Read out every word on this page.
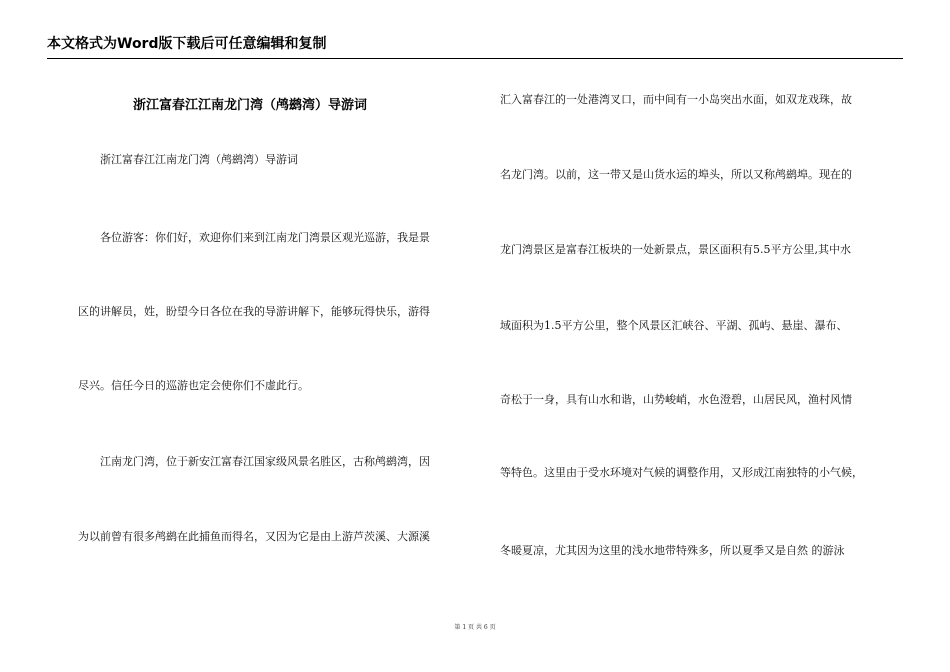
本文格式为Word版下载后可任意编辑和复制
浙江富春江江南龙门湾（鸬鹚湾）导游词
浙江富春江江南龙门湾（鸬鹚湾）导游词
各位游客：你们好，欢迎你们来到江南龙门湾景区观光巡游，我是景
区的讲解员，姓，盼望今日各位在我的导游讲解下，能够玩得快乐，游得
尽兴。信任今日的巡游也定会使你们不虚此行。
江南龙门湾，位于新安江富春江国家级风景名胜区，古称鸬鹚湾，因
为以前曾有很多鸬鹚在此捕鱼而得名，又因为它是由上游芦茨溪、大源溪
汇入富春江的一处港湾叉口，而中间有一小岛突出水面，如双龙戏珠，故
名龙门湾。以前，这一带又是山货水运的埠头，所以又称鸬鹚埠。现在的
龙门湾景区是富春江板块的一处新景点，景区面积有5.5平方公里,其中水
域面积为1.5平方公里，整个风景区汇峡谷、平湖、孤屿、悬崖、瀑布、
奇松于一身，具有山水和谐，山势峻峭，水色澄碧，山居民风，渔村风情
等特色。这里由于受水环境对气候的调整作用，又形成江南独特的小气候，
冬暖夏凉，尤其因为这里的浅水地带特殊多，所以夏季又是自然 的游泳
第 1 页 共 6 页
